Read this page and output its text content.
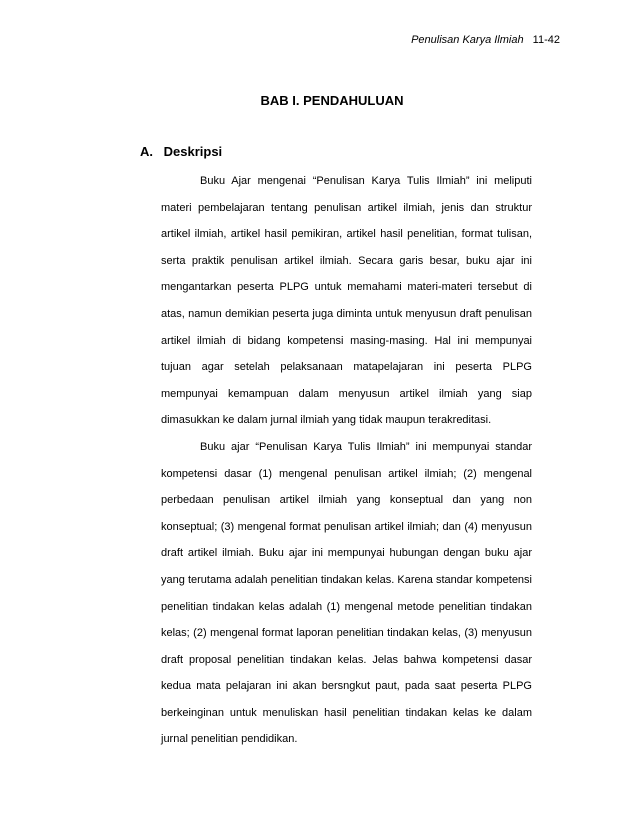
Penulisan Karya Ilmiah 11-42
BAB I. PENDAHULUAN
A. Deskripsi

Buku Ajar mengenai “Penulisan Karya Tulis Ilmiah” ini meliputi materi pembelajaran tentang penulisan artikel ilmiah, jenis dan struktur artikel ilmiah, artikel hasil pemikiran, artikel hasil penelitian, format tulisan, serta praktik penulisan artikel ilmiah. Secara garis besar, buku ajar ini mengantarkan peserta PLPG untuk memahami materi-materi tersebut di atas, namun demikian peserta juga diminta untuk menyusun draft penulisan artikel ilmiah di bidang kompetensi masing-masing. Hal ini mempunyai tujuan agar setelah pelaksanaan matapelajaran ini peserta PLPG mempunyai kemampuan dalam menyusun artikel ilmiah yang siap dimasukkan ke dalam jurnal ilmiah yang tidak maupun terakreditasi.

Buku ajar “Penulisan Karya Tulis Ilmiah” ini mempunyai standar kompetensi dasar (1) mengenal penulisan artikel ilmiah; (2) mengenal perbedaan penulisan artikel ilmiah yang konseptual dan yang non konseptual; (3) mengenal format penulisan artikel ilmiah; dan (4) menyusun draft artikel ilmiah. Buku ajar ini mempunyai hubungan dengan buku ajar yang terutama adalah penelitian tindakan kelas. Karena standar kompetensi penelitian tindakan kelas adalah (1) mengenal metode penelitian tindakan kelas; (2) mengenal format laporan penelitian tindakan kelas, (3) menyusun draft proposal penelitian tindakan kelas. Jelas bahwa kompetensi dasar kedua mata pelajaran ini akan bersngkut paut, pada saat peserta PLPG berkeinginan untuk menuliskan hasil penelitian tindakan kelas ke dalam jurnal penelitian pendidikan.
